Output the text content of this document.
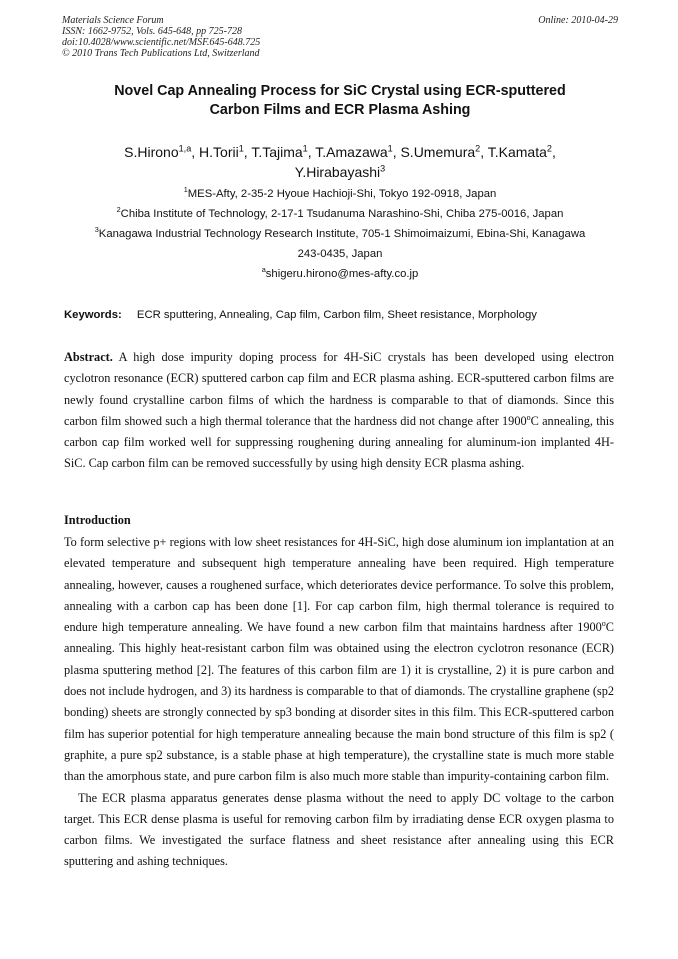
Materials Science Forum
ISSN: 1662-9752, Vols. 645-648, pp 725-728
doi:10.4028/www.scientific.net/MSF.645-648.725
© 2010 Trans Tech Publications Ltd, Switzerland
Online: 2010-04-29
Novel Cap Annealing Process for SiC Crystal using ECR-sputtered
Carbon Films and ECR Plasma Ashing
S.Hirono$^{1,a}$, H.Torii$^1$, T.Tajima$^1$, T.Amazawa$^1$, S.Umemura$^2$, T.Kamata$^2$,
Y.Hirabayashi$^3$
$^1$MES-Afty, 2-35-2 Hyoue Hachioji-Shi, Tokyo 192-0918, Japan
$^2$Chiba Institute of Technology, 2-17-1 Tsudanuma Narashino-Shi, Chiba 275-0016, Japan
$^3$Kanagawa Industrial Technology Research Institute, 705-1 Shimoimaizumi, Ebina-Shi, Kanagawa
243-0435, Japan
$^a$shigeru.hirono@mes-afty.co.jp
Keywords: ECR sputtering, Annealing, Cap film, Carbon film, Sheet resistance, Morphology
Abstract. A high dose impurity doping process for 4H-SiC crystals has been developed using electron cyclotron resonance (ECR) sputtered carbon cap film and ECR plasma ashing. ECR-sputtered carbon films are newly found crystalline carbon films of which the hardness is comparable to that of diamonds. Since this carbon film showed such a high thermal tolerance that the hardness did not change after 1900$^o$C annealing, this carbon cap film worked well for suppressing roughening during annealing for aluminum-ion implanted 4H-SiC. Cap carbon film can be removed successfully by using high density ECR plasma ashing.
Introduction

To form selective p+ regions with low sheet resistances for 4H-SiC, high dose aluminum ion implantation at an elevated temperature and subsequent high temperature annealing have been required. High temperature annealing, however, causes a roughened surface, which deteriorates device performance. To solve this problem, annealing with a carbon cap has been done [1]. For cap carbon film, high thermal tolerance is required to endure high temperature annealing. We have found a new carbon film that maintains hardness after 1900$^o$C annealing. This highly heat-resistant carbon film was obtained using the electron cyclotron resonance (ECR) plasma sputtering method [2]. The features of this carbon film are 1) it is crystalline, 2) it is pure carbon and does not include hydrogen, and 3) its hardness is comparable to that of diamonds. The crystalline graphene (sp2 bonding) sheets are strongly connected by sp3 bonding at disorder sites in this film. This ECR-sputtered carbon film has superior potential for high temperature annealing because the main bond structure of this film is sp2 ( graphite, a pure sp2 substance, is a stable phase at high temperature), the crystalline state is much more stable than the amorphous state, and pure carbon film is also much more stable than impurity-containing carbon film.

The ECR plasma apparatus generates dense plasma without the need to apply DC voltage to the carbon target. This ECR dense plasma is useful for removing carbon film by irradiating dense ECR oxygen plasma to carbon films. We investigated the surface flatness and sheet resistance after annealing using this ECR sputtering and ashing techniques.
